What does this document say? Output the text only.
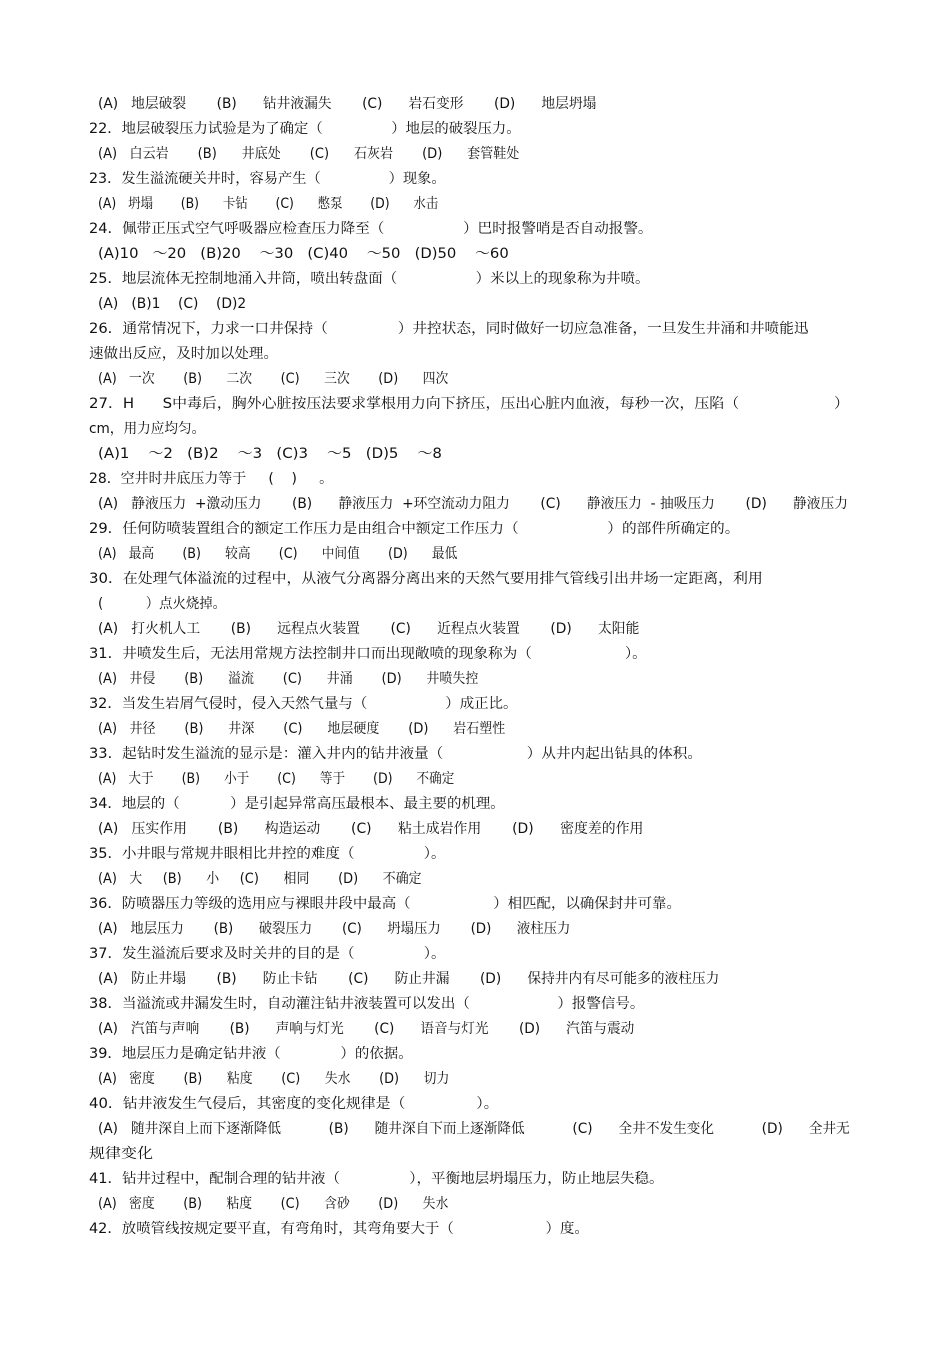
(A)   地层破裂       (B)      钻井液漏失       (C)      岩石变形       (D)      地层坍塌
22．地层破裂压力试验是为了确定（               ）地层的破裂压力。
(A)   白云岩       (B)      井底处       (C)      石灰岩       (D)      套管鞋处
23．发生溢流硬关井时，容易产生（               ）现象。
(A)   坍塌       (B)      卡钻       (C)      憋泵       (D)      水击
24．佩带正压式空气呼吸器应检查压力降至（                 ）巴时报警哨是否自动报警。
(A)10   ～20   (B)20    ～30   (C)40    ～50   (D)50    ～60
25．地层流体无控制地涌入井筒，喷出转盘面（                 ）米以上的现象称为井喷。
(A)   (B)1    (C)    (D)2
26．通常情况下，力求一口井保持（               ）井控状态，同时做好一切应急准备，一旦发生井涌和井喷能迅
速做出反应，及时加以处理。
(A)   一次       (B)      二次       (C)      三次       (D)      四次
27．H      S中毒后，胸外心脏按压法要求掌根用力向下挤压，压出心脏内血液，每秒一次，压陷（                    ）
cm，用力应均匀。
(A)1    ～2   (B)2    ～3   (C)3    ～5   (D)5    ～8
28．空井时井底压力等于     (    )     。
(A)   静液压力  +激动压力       (B)      静液压力  +环空流动力阻力       (C)      静液压力  - 抽吸压力       (D)      静液压力
29．任何防喷装置组合的额定工作压力是由组合中额定工作压力（                   ）的部件所确定的。
(A)   最高       (B)      较高       (C)      中间值       (D)      最低
30．在处理气体溢流的过程中，从液气分离器分离出来的天然气要用排气管线引出井场一定距离，利用
(          ）点火烧掉。
(A)   打火机人工       (B)      远程点火装置       (C)      近程点火装置       (D)      太阳能
31．井喷发生后，无法用常规方法控制井口而出现敞喷的现象称为（                    ）。
(A)   井侵       (B)      溢流       (C)      井涌       (D)      井喷失控
32．当发生岩屑气侵时，侵入天然气量与（                 ）成正比。
(A)   井径       (B)      井深       (C)      地层硬度       (D)      岩石塑性
33．起钻时发生溢流的显示是：灌入井内的钻井液量（                  ）从井内起出钻具的体积。
(A)   大于       (B)      小于       (C)      等于       (D)      不确定
34．地层的（           ）是引起异常高压最根本、最主要的机理。
(A)   压实作用       (B)      构造运动       (C)      粘土成岩作用       (D)      密度差的作用
35．小井眼与常规井眼相比井控的难度（               ）。
(A)   大     (B)      小     (C)      相同       (D)      不确定
36．防喷器压力等级的选用应与裸眼井段中最高（                  ）相匹配，以确保封井可靠。
(A)   地层压力       (B)      破裂压力       (C)      坍塌压力       (D)      液柱压力
37．发生溢流后要求及时关井的目的是（               ）。
(A)   防止井塌       (B)      防止卡钻       (C)      防止井漏       (D)      保持井内有尽可能多的液柱压力
38．当溢流或井漏发生时，自动灌注钻井液装置可以发出（                   ）报警信号。
(A)   汽笛与声响       (B)      声响与灯光       (C)      语音与灯光       (D)      汽笛与震动
39．地层压力是确定钻井液（             ）的依据。
(A)   密度       (B)      粘度       (C)      失水       (D)      切力
40．钻井液发生气侵后，其密度的变化规律是（               ）。
(A)   随井深自上而下逐渐降低           (B)      随井深自下而上逐渐降低           (C)      全井不发生变化           (D)      全井无
规律变化
41．钻井过程中，配制合理的钻井液（               ），平衡地层坍塌压力，防止地层失稳。
(A)   密度       (B)      粘度       (C)      含砂       (D)      失水
42．放喷管线按规定要平直，有弯角时，其弯角要大于（                    ）度。
